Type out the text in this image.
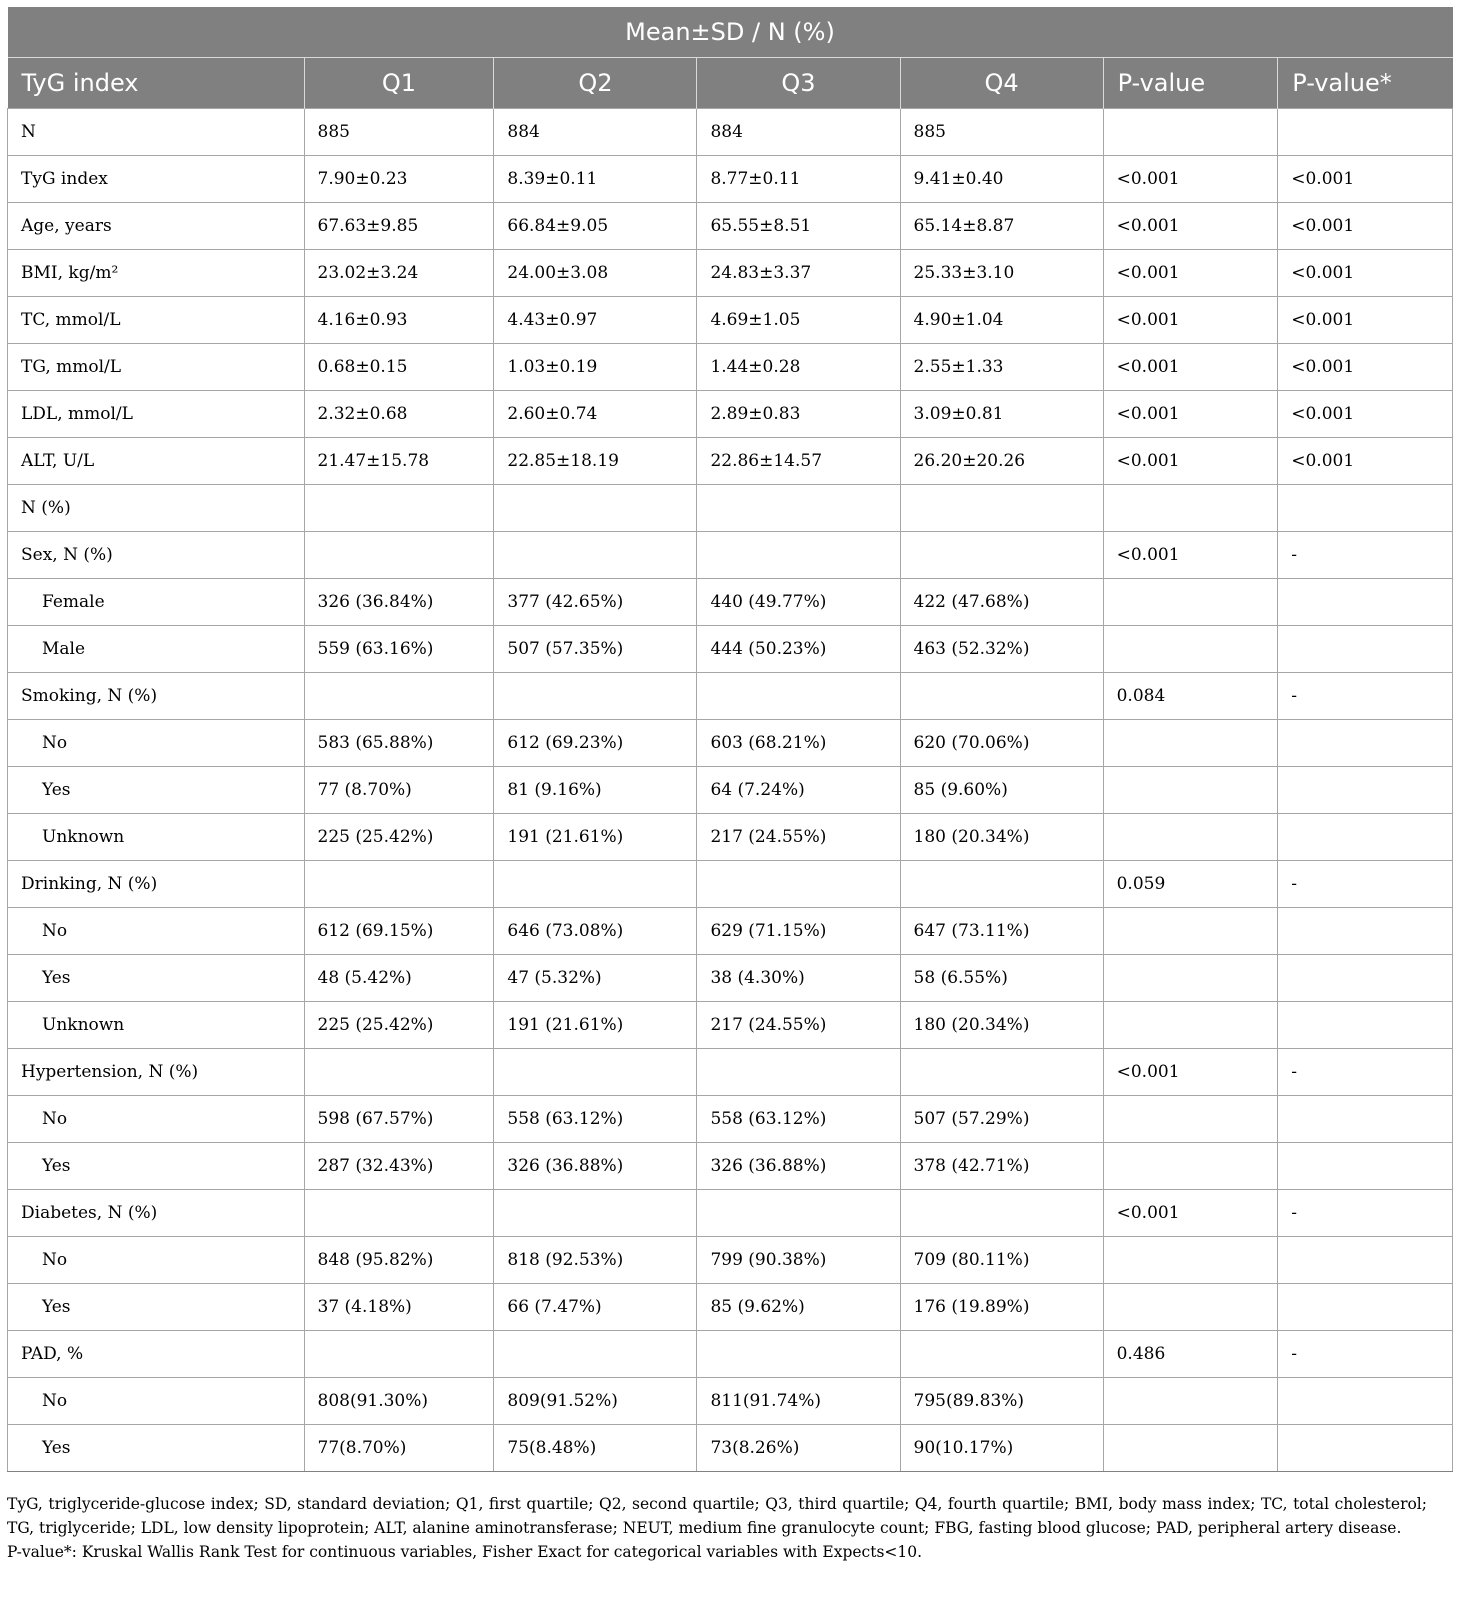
Mean±SD / N (%)						
TyG index	Q1	Q2	Q3	Q4	P-value	P-value*
N	885	884	884	885		
TyG index	7.90±0.23	8.39±0.11	8.77±0.11	9.41±0.40	<0.001	<0.001
Age, years	67.63±9.85	66.84±9.05	65.55±8.51	65.14±8.87	<0.001	<0.001
BMI, kg/m²	23.02±3.24	24.00±3.08	24.83±3.37	25.33±3.10	<0.001	<0.001
TC, mmol/L	4.16±0.93	4.43±0.97	4.69±1.05	4.90±1.04	<0.001	<0.001
TG, mmol/L	0.68±0.15	1.03±0.19	1.44±0.28	2.55±1.33	<0.001	<0.001
LDL, mmol/L	2.32±0.68	2.60±0.74	2.89±0.83	3.09±0.81	<0.001	<0.001
ALT, U/L	21.47±15.78	22.85±18.19	22.86±14.57	26.20±20.26	<0.001	<0.001
N (%)						
Sex, N (%)					<0.001	-
Female	326 (36.84%)	377 (42.65%)	440 (49.77%)	422 (47.68%)		
Male	559 (63.16%)	507 (57.35%)	444 (50.23%)	463 (52.32%)		
Smoking, N (%)					0.084	-
No	583 (65.88%)	612 (69.23%)	603 (68.21%)	620 (70.06%)		
Yes	77 (8.70%)	81 (9.16%)	64 (7.24%)	85 (9.60%)		
Unknown	225 (25.42%)	191 (21.61%)	217 (24.55%)	180 (20.34%)		
Drinking, N (%)					0.059	-
No	612 (69.15%)	646 (73.08%)	629 (71.15%)	647 (73.11%)		
Yes	48 (5.42%)	47 (5.32%)	38 (4.30%)	58 (6.55%)		
Unknown	225 (25.42%)	191 (21.61%)	217 (24.55%)	180 (20.34%)		
Hypertension, N (%)					<0.001	-
No	598 (67.57%)	558 (63.12%)	558 (63.12%)	507 (57.29%)		
Yes	287 (32.43%)	326 (36.88%)	326 (36.88%)	378 (42.71%)		
Diabetes, N (%)					<0.001	-
No	848 (95.82%)	818 (92.53%)	799 (90.38%)	709 (80.11%)		
Yes	37 (4.18%)	66 (7.47%)	85 (9.62%)	176 (19.89%)		
PAD, %					0.486	-
No	808(91.30%)	809(91.52%)	811(91.74%)	795(89.83%)		
Yes	77(8.70%)	75(8.48%)	73(8.26%)	90(10.17%)		

TyG, triglyceride-glucose index; SD, standard deviation; Q1, first quartile; Q2, second quartile; Q3, third quartile; Q4, fourth quartile; BMI, body mass index; TC, total cholesterol; TG, triglyceride; LDL, low density lipoprotein; ALT, alanine aminotransferase; NEUT, medium fine granulocyte count; FBG, fasting blood glucose; PAD, peripheral artery disease.

P-value*: Kruskal Wallis Rank Test for continuous variables, Fisher Exact for categorical variables with Expects<10.
